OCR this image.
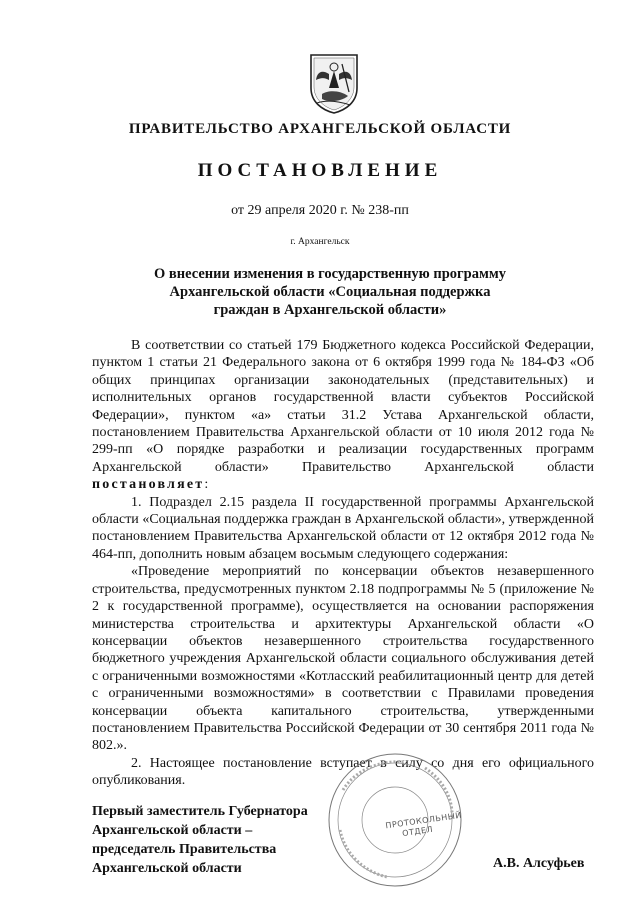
ПРАВИТЕЛЬСТВО АРХАНГЕЛЬСКОЙ ОБЛАСТИ
ПОСТАНОВЛЕНИЕ
от 29 апреля 2020 г. № 238-пп
г. Архангельск
О внесении изменения в государственную программу
Архангельской области «Социальная поддержка
граждан в Архангельской области»

В соответствии со статьей 179 Бюджетного кодекса Российской Федерации, пунктом 1 статьи 21 Федерального закона от 6 октября 1999 года № 184-ФЗ «Об общих принципах организации законодательных (представительных) и исполнительных органов государственной власти субъектов Российской Федерации», пунктом «а» статьи 31.2 Устава Архангельской области, постановлением Правительства Архангельской области от 10 июля 2012 года № 299-пп «О порядке разработки и реализации государственных программ Архангельской области» Правительство Архангельской области постановляет:

1. Подраздел 2.15 раздела II государственной программы Архангельской области «Социальная поддержка граждан в Архангельской области», утвержденной постановлением Правительства Архангельской области от 12 октября 2012 года № 464-пп, дополнить новым абзацем восьмым следующего содержания:

«Проведение мероприятий по консервации объектов незавершенного строительства, предусмотренных пунктом 2.18 подпрограммы № 5 (приложение № 2 к государственной программе), осуществляется на основании распоряжения министерства строительства и архитектуры Архангельской области «О консервации объектов незавершенного строительства государственного бюджетного учреждения Архангельской области социального обслуживания детей с ограниченными возможностями «Котласский реабилитационный центр для детей с ограниченными возможностями» в соответствии с Правилами проведения консервации объекта капитального строительства, утвержденными постановлением Правительства Российской Федерации от 30 сентября 2011 года № 802.».

2. Настоящее постановление вступает в силу со дня его официального опубликования.

ПРОТОКОЛЬНЫЙ ОТДЕЛ
Первый заместитель Губернатора
Архангельской области –
председатель Правительства
Архангельской области	А.В. Алсуфьев
